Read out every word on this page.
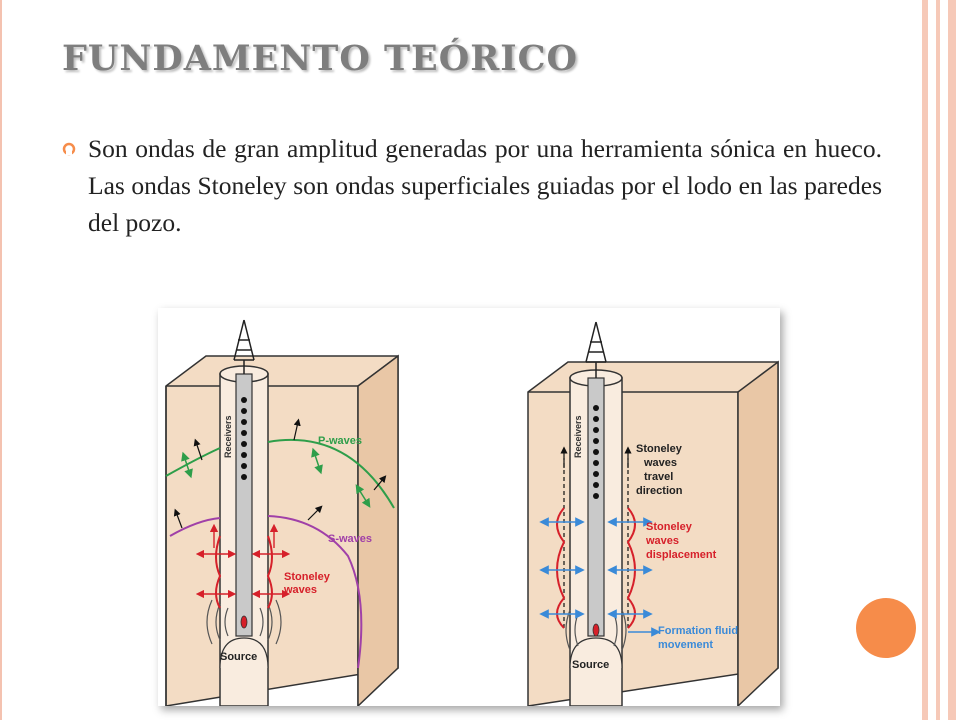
FUNDAMENTO TEÓRICO

Son ondas de gran amplitud generadas por una herramienta sónica en hueco. Las ondas Stoneley son ondas superficiales guiadas por el lodo en las paredes del pozo.

Receivers	P-waves
S-waves
Stoneley
waves
Source
Receivers	Stoneley
waves
travel
direction
Stoneley
waves
displacement
Formation fluid
movement
Source
